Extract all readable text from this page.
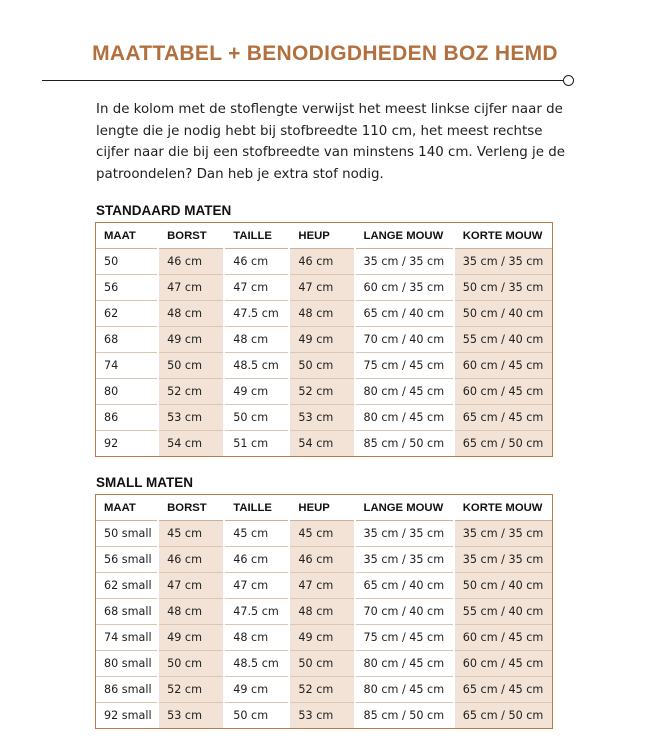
MAATTABEL + BENODIGDHEDEN BOZ HEMD

In de kolom met de stoflengte verwijst het meest linkse cijfer naar de lengte die je nodig hebt bij stofbreedte 110 cm, het meest rechtse cijfer naar die bij een stofbreedte van minstens 140 cm. Verleng je de patroondelen? Dan heb je extra stof nodig.

STANDAARD MATEN
MAAT	BORST	TAILLE	HEUP	LANGE MOUW	KORTE MOUW
50	46 cm	46 cm	46 cm	35 cm / 35 cm	35 cm / 35 cm
56	47 cm	47 cm	47 cm	60 cm / 35 cm	50 cm / 35 cm
62	48 cm	47.5 cm	48 cm	65 cm / 40 cm	50 cm / 40 cm
68	49 cm	48 cm	49 cm	70 cm / 40 cm	55 cm / 40 cm
74	50 cm	48.5 cm	50 cm	75 cm / 45 cm	60 cm / 45 cm
80	52 cm	49 cm	52 cm	80 cm / 45 cm	60 cm / 45 cm
86	53 cm	50 cm	53 cm	80 cm / 45 cm	65 cm / 45 cm
92	54 cm	51 cm	54 cm	85 cm / 50 cm	65 cm / 50 cm
SMALL MATEN
MAAT	BORST	TAILLE	HEUP	LANGE MOUW	KORTE MOUW
50 small	45 cm	45 cm	45 cm	35 cm / 35 cm	35 cm / 35 cm
56 small	46 cm	46 cm	46 cm	35 cm / 35 cm	35 cm / 35 cm
62 small	47 cm	47 cm	47 cm	65 cm / 40 cm	50 cm / 40 cm
68 small	48 cm	47.5 cm	48 cm	70 cm / 40 cm	55 cm / 40 cm
74 small	49 cm	48 cm	49 cm	75 cm / 45 cm	60 cm / 45 cm
80 small	50 cm	48.5 cm	50 cm	80 cm / 45 cm	60 cm / 45 cm
86 small	52 cm	49 cm	52 cm	80 cm / 45 cm	65 cm / 45 cm
92 small	53 cm	50 cm	53 cm	85 cm / 50 cm	65 cm / 50 cm
